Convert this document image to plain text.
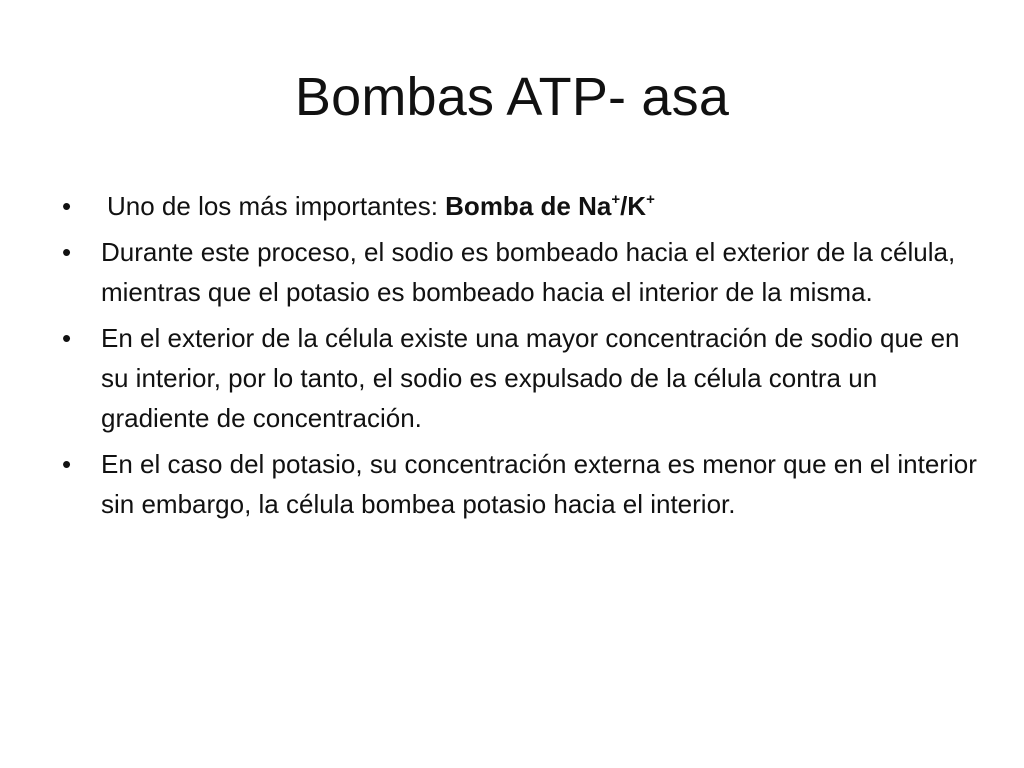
Bombas ATP- asa
• Uno de los más importantes: Bomba de Na+/K+
• Durante este proceso, el sodio es bombeado hacia el exterior de la célula, mientras que el potasio es bombeado hacia el interior de la misma.
• En el exterior de la célula existe una mayor concentración de sodio que en su interior, por lo tanto, el sodio es expulsado de la célula contra un gradiente de concentración.
• En el caso del potasio, su concentración externa es menor que en el interior sin embargo, la célula bombea potasio hacia el interior.
